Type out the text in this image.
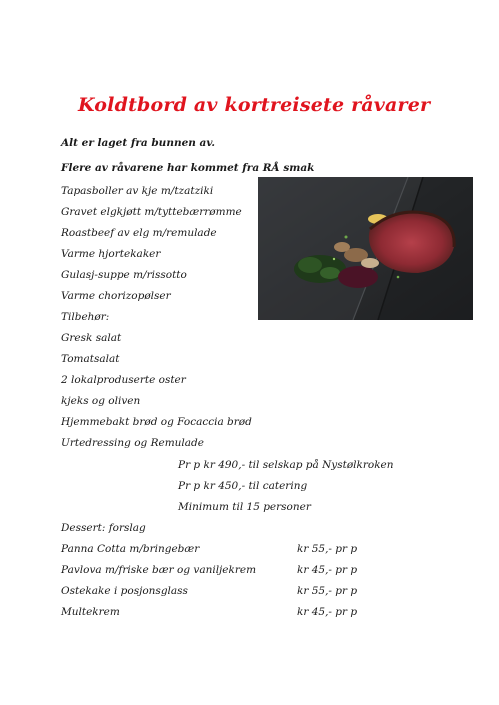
Koldtbord av kortreisete råvarer
Alt er laget fra bunnen av.
Flere av råvarene har kommet fra RÅ smak
Tapasboller av kje m/tzatziki
Gravet elgkjøtt m/tyttebærrømme
Roastbeef av elg m/remulade
Varme hjortekaker
Gulasj-suppe m/rissotto
Varme chorizopølser
Tilbehør:
Gresk salat
Tomatsalat
2 lokalproduserte oster
kjeks og oliven
Hjemmebakt brød og Focaccia brød
Urtedressing og Remulade
Pr p kr 490,- til selskap på Nystølkroken
Pr p kr 450,- til catering
Minimum til 15 personer
Dessert: forslag
Panna Cotta m/bringebær	kr 55,- pr p
Pavlova m/friske bær og vaniljekrem	kr 45,- pr p
Ostekake i posjonsglass	kr 55,- pr p
Multekrem	kr 45,- pr p
